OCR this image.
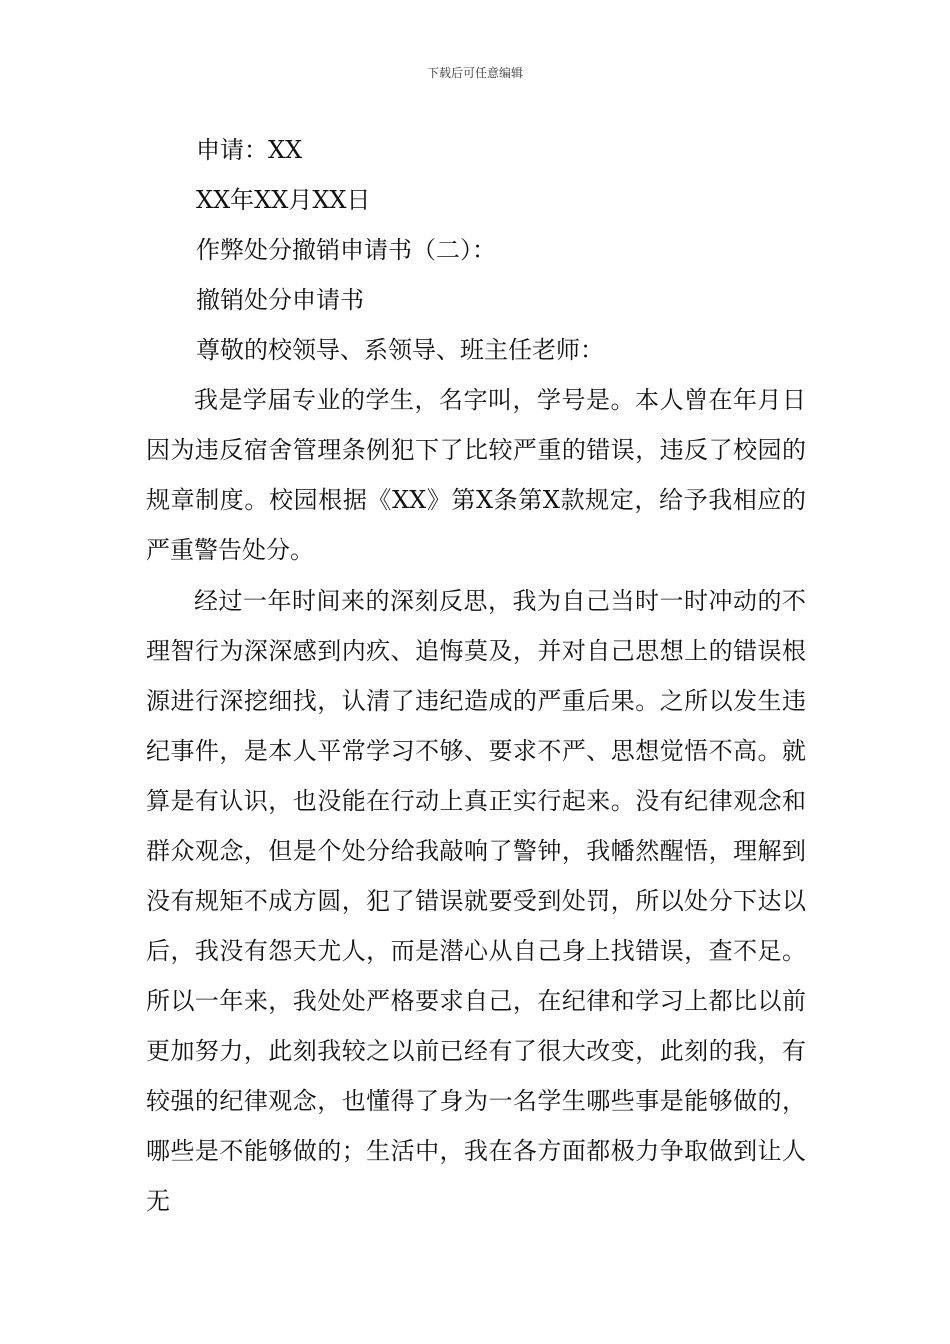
下载后可任意编辑
申请：XX
XX年XX月XX日
作弊处分撤销申请书（二）：
撤销处分申请书
尊敬的校领导、系领导、班主任老师：

我是学届专业的学生，名字叫，学号是。本人曾在年月日因为违反宿舍管理条例犯下了比较严重的错误，违反了校园的规章制度。校园根据《XX》第X条第X款规定，给予我相应的严重警告处分。

经过一年时间来的深刻反思，我为自己当时一时冲动的不理智行为深深感到内疚、追悔莫及，并对自己思想上的错误根源进行深挖细找，认清了违纪造成的严重后果。之所以发生违纪事件，是本人平常学习不够、要求不严、思想觉悟不高。就算是有认识，也没能在行动上真正实行起来。没有纪律观念和群众观念，但是个处分给我敲响了警钟，我幡然醒悟，理解到没有规矩不成方圆，犯了错误就要受到处罚，所以处分下达以后，我没有怨天尤人，而是潜心从自己身上找错误，查不足。所以一年来，我处处严格要求自己，在纪律和学习上都比以前更加努力，此刻我较之以前已经有了很大改变，此刻的我，有较强的纪律观念，也懂得了身为一名学生哪些事是能够做的，哪些是不能够做的；生活中，我在各方面都极力争取做到让人无
